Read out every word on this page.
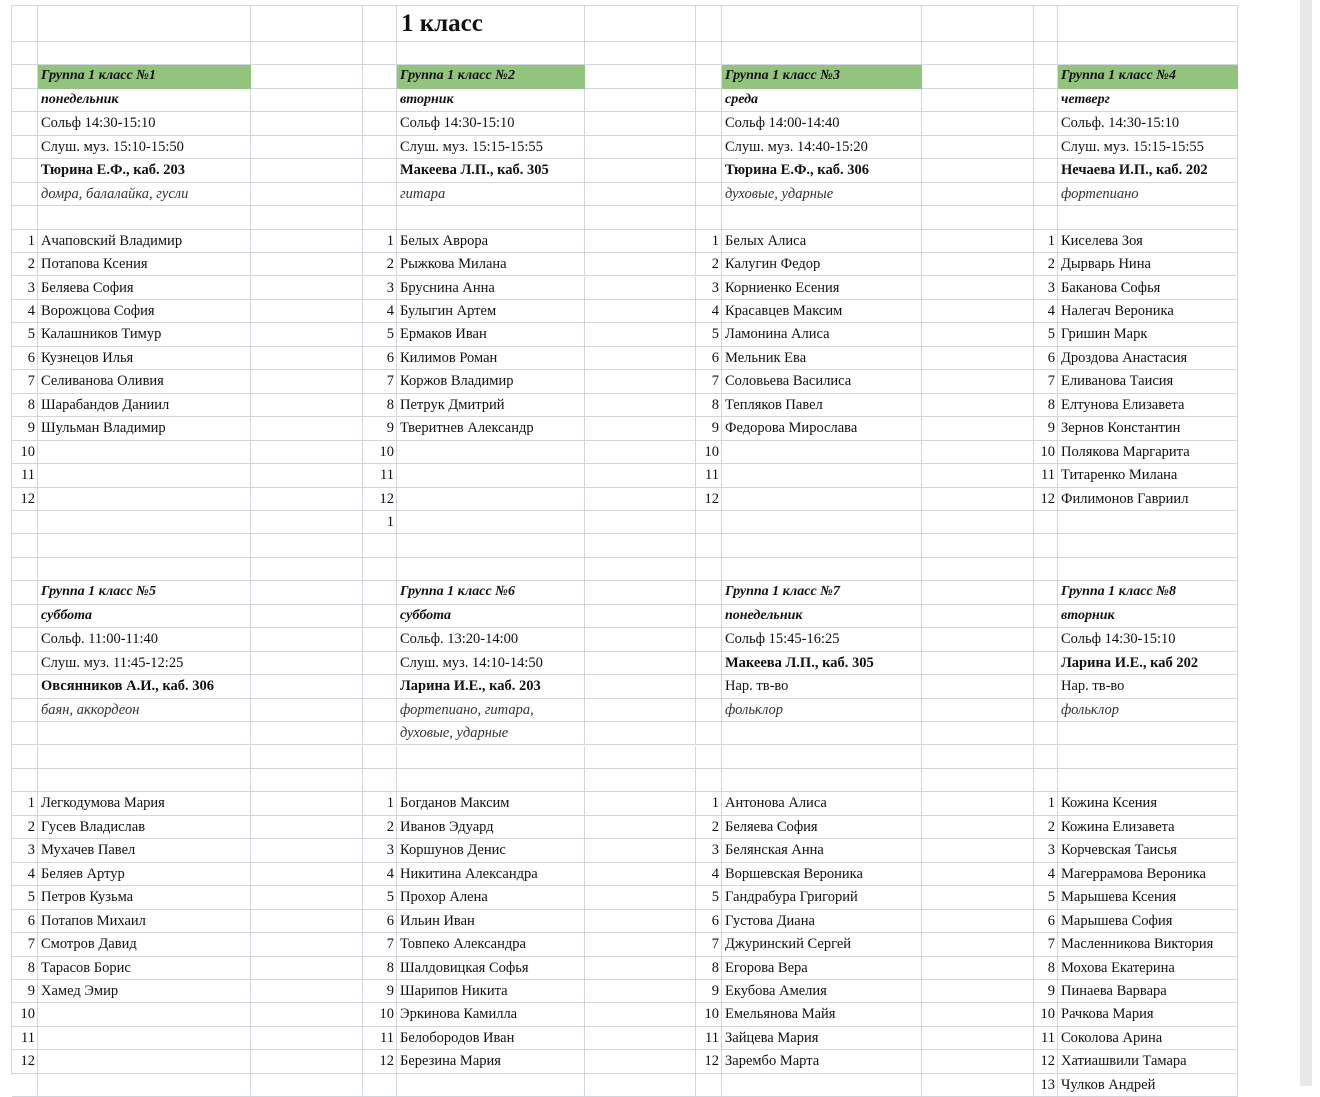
1 класс
Группа 1 класс №1
понедельник
Сольф 14:30-15:10
Слуш. муз. 15:10-15:50
Тюрина Е.Ф., каб. 203
домра, балалайка, гусли
1
2
3
4
5
6
7
8
9
10
11
12
Ачаповский Владимир
Потапова Ксения
Беляева София
Ворожцова София
Калашников Тимур
Кузнецов Илья
Селиванова Оливия
Шарабандов Даниил
Шульман Владимир
Группа 1 класс №2
вторник
Сольф 14:30-15:10
Слуш. муз. 15:15-15:55
Макеева Л.П., каб. 305
гитара
1
2
3
4
5
6
7
8
9
10
11
12
1
Белых Аврора
Рыжкова Милана
Бруснина Анна
Булыгин Артем
Ермаков Иван
Килимов Роман
Коржов Владимир
Петрук Дмитрий
Тверитнев Александр
Группа 1 класс №3
среда
Сольф 14:00-14:40
Слуш. муз. 14:40-15:20
Тюрина Е.Ф., каб. 306
духовые, ударные
1
2
3
4
5
6
7
8
9
10
11
12
Белых Алиса
Калугин Федор
Корниенко Есения
Красавцев Максим
Ламонина Алиса
Мельник Ева
Соловьева Василиса
Тепляков Павел
Федорова Мирослава
Группа 1 класс №4
четверг
Сольф. 14:30-15:10
Слуш. муз. 15:15-15:55
Нечаева И.П., каб. 202
фортепиано
1
2
3
4
5
6
7
8
9
10
11
12
Киселева Зоя
Дырварь Нина
Баканова Софья
Налегач Вероника
Гришин Марк
Дроздова Анастасия
Еливанова Таисия
Елтунова Елизавета
Зернов Константин
Полякова Маргарита
Титаренко Милана
Филимонов Гавриил
Группа 1 класс №5
суббота
Сольф. 11:00-11:40
Слуш. муз. 11:45-12:25
Овсянников А.И., каб. 306
баян, аккордеон
1
2
3
4
5
6
7
8
9
10
11
12
Легкодумова Мария
Гусев Владислав
Мухачев Павел
Беляев Артур
Петров Кузьма
Потапов Михаил
Смотров Давид
Тарасов Борис
Хамед Эмир
Группа 1 класс №6
суббота
Сольф. 13:20-14:00
Слуш. муз. 14:10-14:50
Ларина И.Е., каб. 203
фортепиано, гитара,
духовые, ударные
1
2
3
4
5
6
7
8
9
10
11
12
Богданов Максим
Иванов Эдуард
Коршунов Денис
Никитина Александра
Прохор Алена
Ильин Иван
Товпеко Александра
Шалдовицкая Софья
Шарипов Никита
Эркинова Камилла
Белобородов Иван
Березина Мария
Группа 1 класс №7
понедельник
Сольф 15:45-16:25
Макеева Л.П., каб. 305
Нар. тв-во
фольклор
1
2
3
4
5
6
7
8
9
10
11
12
Антонова Алиса
Беляева София
Белянская Анна
Воршевская Вероника
Гандрабура Григорий
Густова Диана
Джуринский Сергей
Егорова Вера
Екубова Амелия
Емельянова Майя
Зайцева Мария
Зарембо Марта
Группа 1 класс №8
вторник
Сольф 14:30-15:10
Ларина И.Е., каб 202
Нар. тв-во
фольклор
1
2
3
4
5
6
7
8
9
10
11
12
13
Кожина Ксения
Кожина Елизавета
Корчевская Таисья
Магеррамова Вероника
Марышева Ксения
Марышева София
Масленникова Виктория
Мохова Екатерина
Пинаева Варвара
Рачкова Мария
Соколова Арина
Хатиашвили Тамара
Чулков Андрей
